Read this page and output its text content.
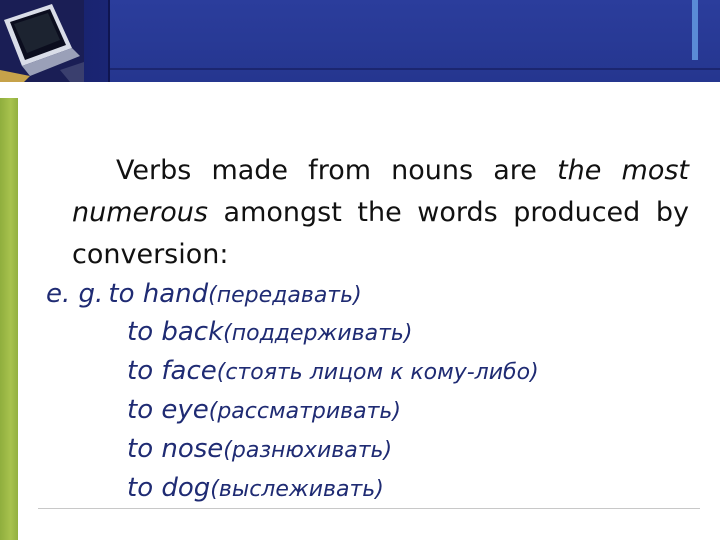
Verbs made from nouns are the most numerous amongst the words produced by conversion:
e. g. to hand(передавать)
to back(поддерживать)
to face(стоять лицом к кому-либо)
to eye(рассматривать)
to nose(разнюхивать)
to dog(выслеживать)
